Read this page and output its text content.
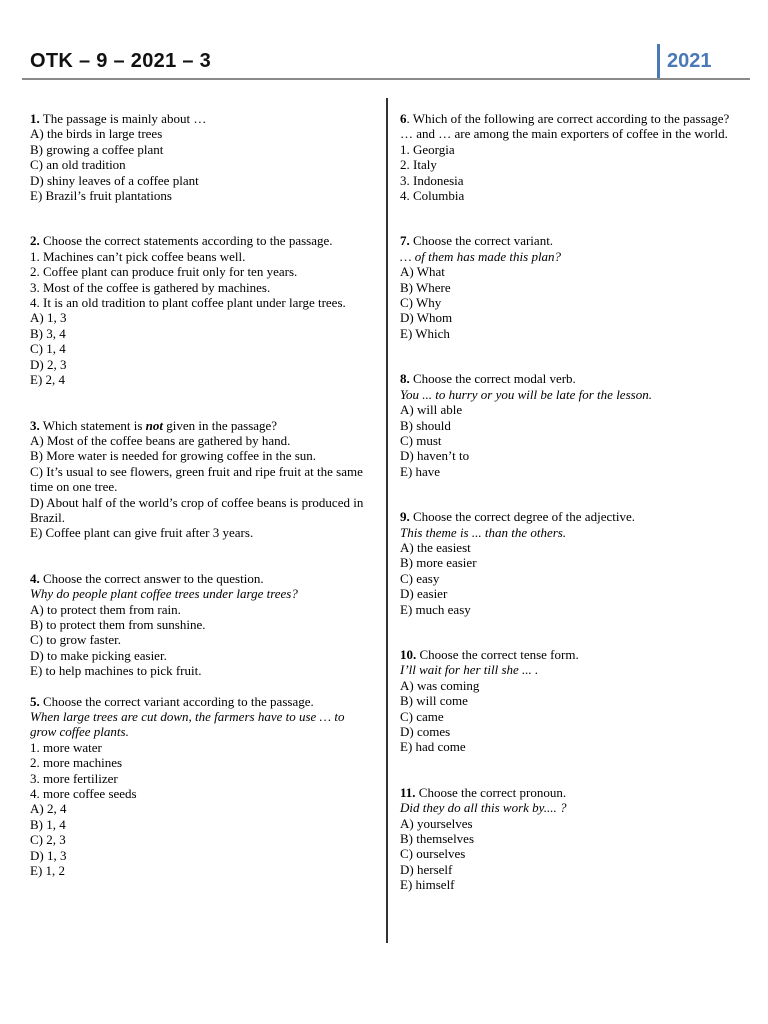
OTK – 9 – 2021 – 3	2021

1. The passage is mainly about …

A) the birds in large trees

B) growing a coffee plant

C) an old tradition

D) shiny leaves of a coffee plant

E) Brazil’s fruit plantations

2. Choose the correct statements according to the passage.

1. Machines can’t pick coffee beans well.

2. Coffee plant can produce fruit only for ten years.

3. Most of the coffee is gathered by machines.

4. It is an old tradition to plant coffee plant under large trees.

A) 1, 3

B) 3, 4

C) 1, 4

D) 2, 3

E) 2, 4

3. Which statement is not given in the passage?

A) Most of the coffee beans are gathered by hand.

B) More water is needed for growing coffee in the sun.

C) It’s usual to see flowers, green fruit and ripe fruit at the same time on one tree.

D) About half of the world’s crop of coffee beans is produced in Brazil.

E) Coffee plant can give fruit after 3 years.

4. Choose the correct answer to the question.

Why do people plant coffee trees under large trees?

A) to protect them from rain.

B) to protect them from sunshine.

C) to grow faster.

D) to make picking easier.

E) to help machines to pick fruit.

5. Choose the correct variant according to the passage.

When large trees are cut down, the farmers have to use … to grow coffee plants.

1. more water

2. more machines

3. more fertilizer

4. more coffee seeds

A) 2, 4

B) 1, 4

C) 2, 3

D) 1, 3

E) 1, 2

6. Which of the following are correct according to the passage?

… and … are among the main exporters of coffee in the world.

1. Georgia

2. Italy

3. Indonesia

4. Columbia

7. Choose the correct variant.

… of them has made this plan?

A) What

B) Where

C) Why

D) Whom

E) Which

8. Choose the correct modal verb.

You ... to hurry or you will be late for the lesson.

A) will able

B) should

C) must

D) haven’t to

E) have

9. Choose the correct degree of the adjective.

This theme is ... than the others.

A) the easiest

B) more easier

C) easy

D) easier

E) much easy

10. Choose the correct tense form.

I’ll wait for her till she ... .

A) was coming

B) will come

C) came

D) comes

E) had come

11. Choose the correct pronoun.

Did they do all this work by.... ?

A) yourselves

B) themselves

C) ourselves

D) herself

E) himself
